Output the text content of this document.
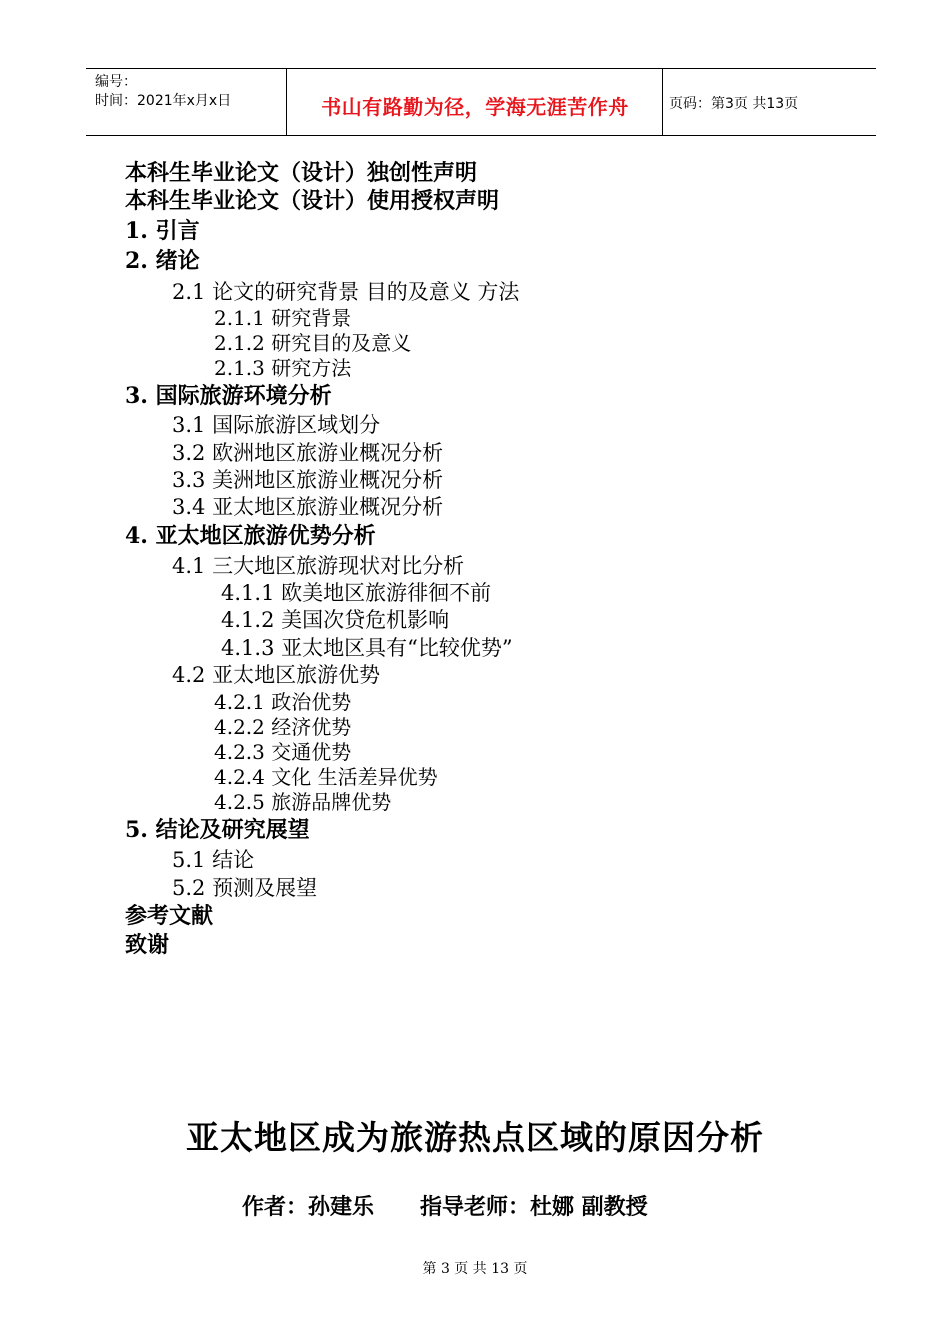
编号：
时间：2021年x月x日	书山有路勤为径，学海无涯苦作舟	页码：第3页 共13页
本科生毕业论文（设计）独创性声明
本科生毕业论文（设计）使用授权声明
1. 引言
2. 绪论
2.1 论文的研究背景 目的及意义 方法
2.1.1 研究背景
2.1.2 研究目的及意义
2.1.3 研究方法
3. 国际旅游环境分析
3.1 国际旅游区域划分
3.2 欧洲地区旅游业概况分析
3.3 美洲地区旅游业概况分析
3.4 亚太地区旅游业概况分析
4. 亚太地区旅游优势分析
4.1 三大地区旅游现状对比分析
4.1.1 欧美地区旅游徘徊不前
4.1.2 美国次贷危机影响
4.1.3 亚太地区具有“比较优势”
4.2 亚太地区旅游优势
4.2.1 政治优势
4.2.2 经济优势
4.2.3 交通优势
4.2.4 文化 生活差异优势
4.2.5 旅游品牌优势
5. 结论及研究展望
5.1 结论
5.2 预测及展望
参考文献
致谢
亚太地区成为旅游热点区域的原因分析
作者：孙建乐      指导老师：杜娜 副教授
第 3 页 共 13 页
